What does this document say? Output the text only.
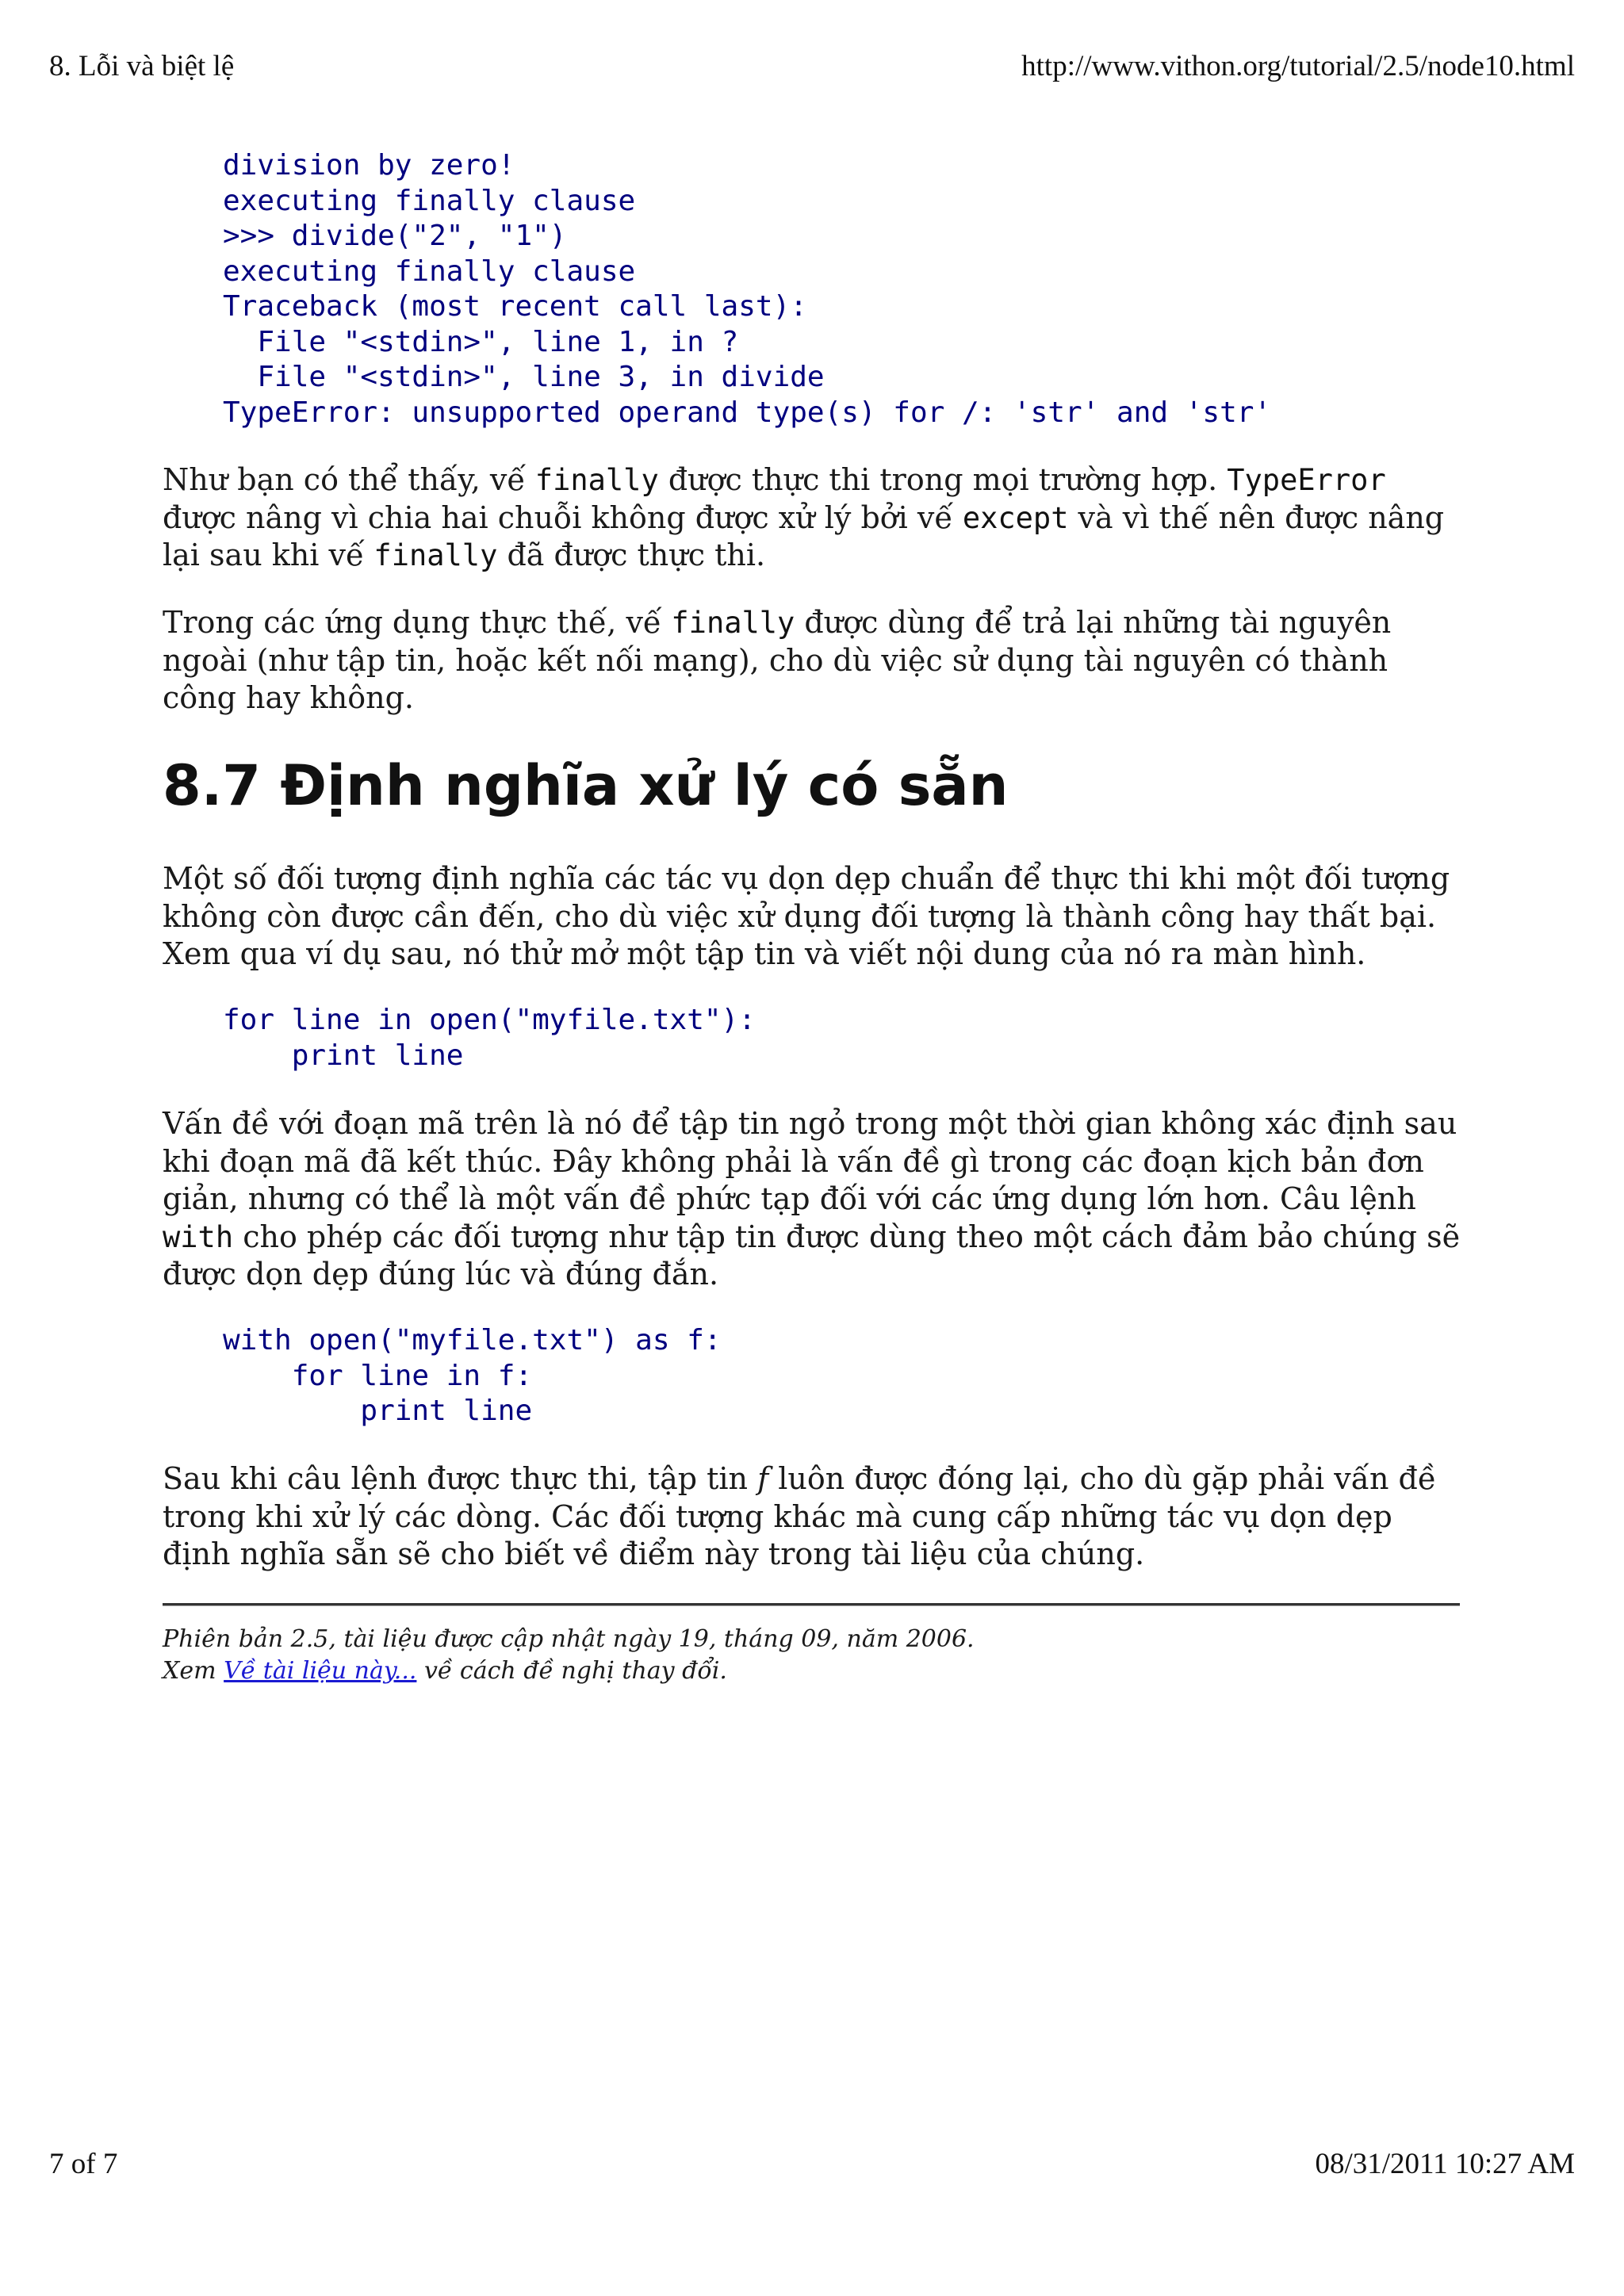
8. Lỗi và biệt lệ	http://www.vithon.org/tutorial/2.5/node10.html
division by zero!
executing finally clause
>>> divide("2", "1")
executing finally clause
Traceback (most recent call last):
File "<stdin>", line 1, in ?
File "<stdin>", line 3, in divide
TypeError: unsupported operand type(s) for /: 'str' and 'str'

Như bạn có thể thấy, vế finally được thực thi trong mọi trường hợp. TypeError được nâng vì chia hai chuỗi không được xử lý bởi vế except và vì thế nên được nâng lại sau khi vế finally đã được thực thi.

Trong các ứng dụng thực thế, vế finally được dùng để trả lại những tài nguyên ngoài (như tập tin, hoặc kết nối mạng), cho dù việc sử dụng tài nguyên có thành công hay không.

8.7 Định nghĩa xử lý có sẵn

Một số đối tượng định nghĩa các tác vụ dọn dẹp chuẩn để thực thi khi một đối tượng không còn được cần đến, cho dù việc xử dụng đối tượng là thành công hay thất bại. Xem qua ví dụ sau, nó thử mở một tập tin và viết nội dung của nó ra màn hình.

for line in open("myfile.txt"):
print line

Vấn đề với đoạn mã trên là nó để tập tin ngỏ trong một thời gian không xác định sau khi đoạn mã đã kết thúc. Đây không phải là vấn đề gì trong các đoạn kịch bản đơn giản, nhưng có thể là một vấn đề phức tạp đối với các ứng dụng lớn hơn. Câu lệnh with cho phép các đối tượng như tập tin được dùng theo một cách đảm bảo chúng sẽ được dọn dẹp đúng lúc và đúng đắn.

with open("myfile.txt") as f:
for line in f:
print line

Sau khi câu lệnh được thực thi, tập tin f luôn được đóng lại, cho dù gặp phải vấn đề trong khi xử lý các dòng. Các đối tượng khác mà cung cấp những tác vụ dọn dẹp định nghĩa sẵn sẽ cho biết về điểm này trong tài liệu của chúng.

Phiên bản 2.5, tài liệu được cập nhật ngày 19, tháng 09, năm 2006.
Xem Về tài liệu này... về cách đề nghị thay đổi.
7 of 7	08/31/2011 10:27 AM
